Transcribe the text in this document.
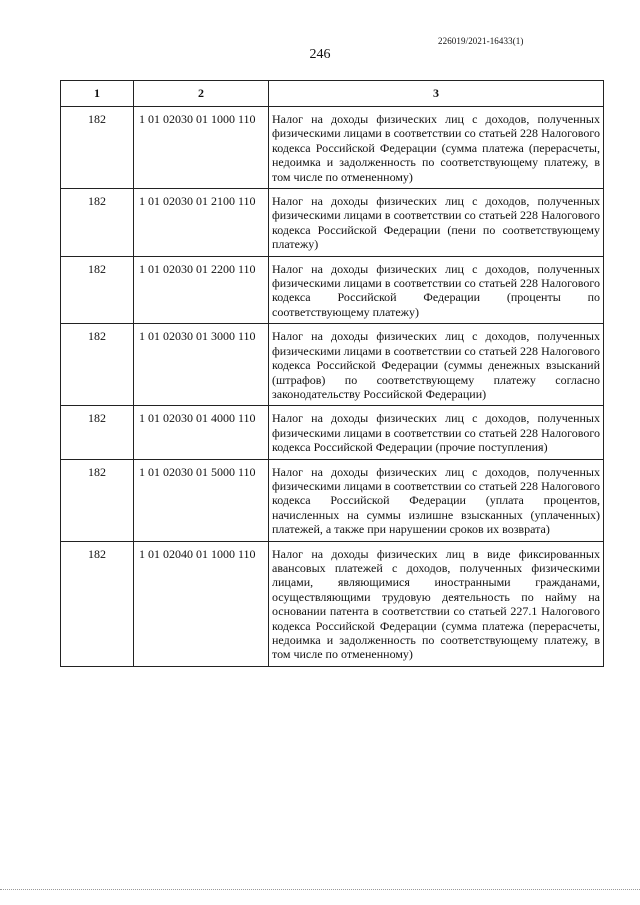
226019/2021-16433(1)
246
1	2	3
182	1 01 02030 01 1000 110	Налог на доходы физических лиц с доходов, полученных физическими лицами в соответствии со статьей 228 Налогового кодекса Российской Федерации (сумма платежа (перерасчеты, недоимка и задолженность по соответствующему платежу, в том числе по отмененному)
182	1 01 02030 01 2100 110	Налог на доходы физических лиц с доходов, полученных физическими лицами в соответствии со статьей 228 Налогового кодекса Российской Федерации (пени по соответствующему платежу)
182	1 01 02030 01 2200 110	Налог на доходы физических лиц с доходов, полученных физическими лицами в соответствии со статьей 228 Налогового кодекса Российской Федерации (проценты по соответствующему платежу)
182	1 01 02030 01 3000 110	Налог на доходы физических лиц с доходов, полученных физическими лицами в соответствии со статьей 228 Налогового кодекса Российской Федерации (суммы денежных взысканий (штрафов) по соответствующему платежу согласно законодательству Российской Федерации)
182	1 01 02030 01 4000 110	Налог на доходы физических лиц с доходов, полученных физическими лицами в соответствии со статьей 228 Налогового кодекса Российской Федерации (прочие поступления)
182	1 01 02030 01 5000 110	Налог на доходы физических лиц с доходов, полученных физическими лицами в соответствии со статьей 228 Налогового кодекса Российской Федерации (уплата процентов, начисленных на суммы излишне взысканных (уплаченных) платежей, а также при нарушении сроков их возврата)
182	1 01 02040 01 1000 110	Налог на доходы физических лиц в виде фиксированных авансовых платежей с доходов, полученных физическими лицами, являющимися иностранными гражданами, осуществляющими трудовую деятельность по найму на основании патента в соответствии со статьей 227.1 Налогового кодекса Российской Федерации (сумма платежа (перерасчеты, недоимка и задолженность по соответствующему платежу, в том числе по отмененному)
